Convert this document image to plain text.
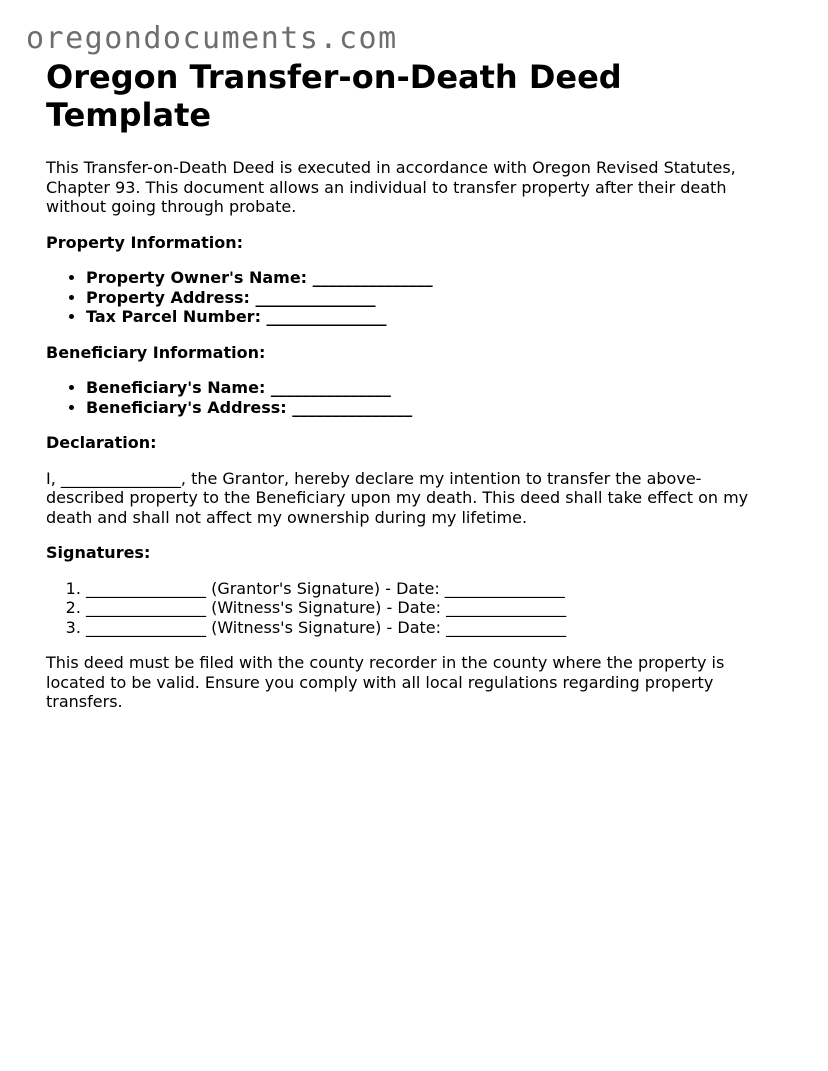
oregondocuments.com
Oregon Transfer-on-Death Deed Template

This Transfer-on-Death Deed is executed in accordance with Oregon Revised Statutes, Chapter 93. This document allows an individual to transfer property after their death without going through probate.

Property Information:
• Property Owner's Name: _______________
• Property Address: _______________
• Tax Parcel Number: _______________
Beneficiary Information:
• Beneficiary's Name: _______________
• Beneficiary's Address: _______________
Declaration:

I, _______________, the Grantor, hereby declare my intention to transfer the above-described property to the Beneficiary upon my death. This deed shall take effect on my death and shall not affect my ownership during my lifetime.

Signatures:
1. _______________ (Grantor's Signature) - Date: _______________
2. _______________ (Witness's Signature) - Date: _______________
3. _______________ (Witness's Signature) - Date: _______________

This deed must be filed with the county recorder in the county where the property is located to be valid. Ensure you comply with all local regulations regarding property transfers.
